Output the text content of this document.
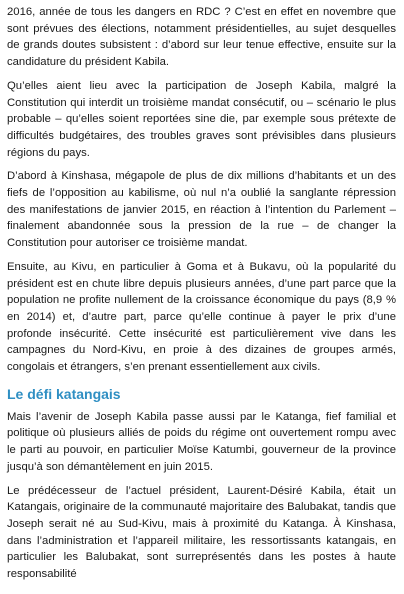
2016, année de tous les dangers en RDC ? C’est en effet en novembre que sont prévues des élections, notamment présidentielles, au sujet desquelles de grands doutes subsistent : d’abord sur leur tenue effective, ensuite sur la candidature du président Kabila.

Qu’elles aient lieu avec la participation de Joseph Kabila, malgré la Constitution qui interdit un troisième mandat consécutif, ou – scénario le plus probable – qu’elles soient reportées sine die, par exemple sous prétexte de difficultés budgétaires, des troubles graves sont prévisibles dans plusieurs régions du pays.

D’abord à Kinshasa, mégapole de plus de dix millions d’habitants et un des fiefs de l’opposition au kabilisme, où nul n’a oublié la sanglante répression des manifestations de janvier 2015, en réaction à l’intention du Parlement – finalement abandonnée sous la pression de la rue – de changer la Constitution pour autoriser ce troisième mandat.

Ensuite, au Kivu, en particulier à Goma et à Bukavu, où la popularité du président est en chute libre depuis plusieurs années, d’une part parce que la population ne profite nullement de la croissance économique du pays (8,9 % en 2014) et, d’autre part, parce qu’elle continue à payer le prix d’une profonde insécurité. Cette insécurité est particulièrement vive dans les campagnes du Nord-Kivu, en proie à des dizaines de groupes armés, congolais et étrangers, s’en prenant essentiellement aux civils.

Le défi katangais

Mais l’avenir de Joseph Kabila passe aussi par le Katanga, fief familial et politique où plusieurs alliés de poids du régime ont ouvertement rompu avec le parti au pouvoir, en particulier Moïse Katumbi, gouverneur de la province jusqu’à son démantèlement en juin 2015.

Le prédécesseur de l’actuel président, Laurent-Désiré Kabila, était un Katangais, originaire de la communauté majoritaire des Balubakat, tandis que Joseph serait né au Sud-Kivu, mais à proximité du Katanga. À Kinshasa, dans l’administration et l’appareil militaire, les ressortissants katangais, en particulier les Balubakat, sont surreprésentés dans les postes à haute responsabilité
